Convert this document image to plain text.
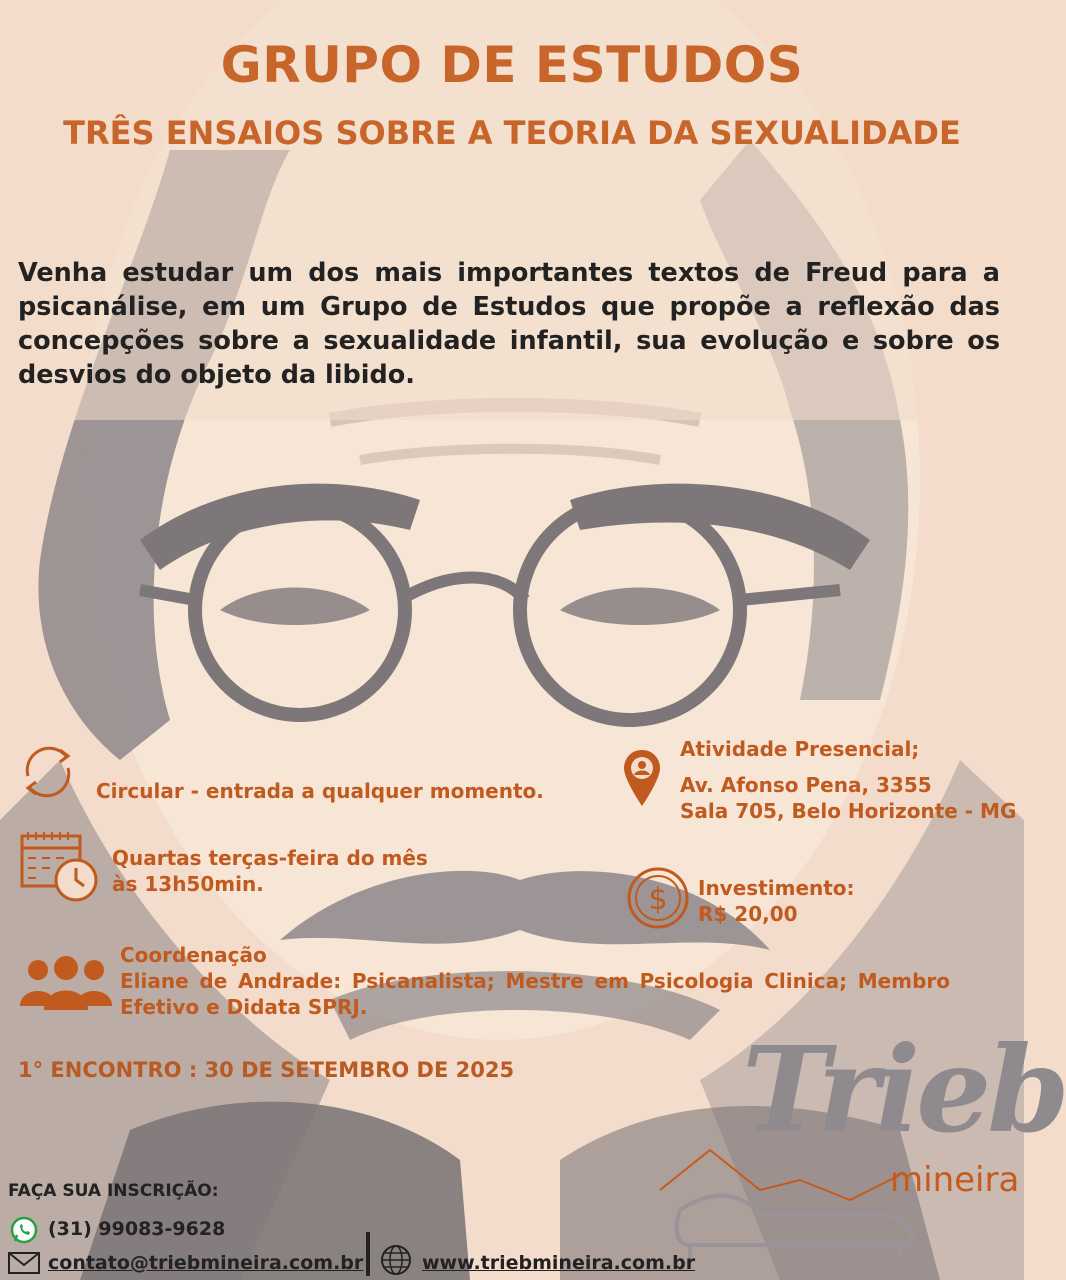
GRUPO DE ESTUDOS
TRÊS ENSAIOS SOBRE A TEORIA DA SEXUALIDADE
Venha estudar um dos mais importantes textos de Freud para a psicanálise, em um Grupo de Estudos que propõe a reflexão das concepções sobre a sexualidade infantil, sua evolução e sobre os desvios do objeto da libido.
Circular - entrada a qualquer momento.
Quartas terças-feira do mês
às 13h50min.
Atividade Presencial;
Av. Afonso Pena, 3355
Sala 705, Belo Horizonte - MG
$ Investimento:
R$ 20,00
Coordenação
Eliane de Andrade: Psicanalista; Mestre em Psicologia Clinica; Membro Efetivo e Didata SPRJ.
1° ENCONTRO : 30 DE SETEMBRO DE 2025 Trieb
mineira
FAÇA SUA INSCRIÇÃO:
(31) 99083-9628
contato@triebmineira.com.br	www.triebmineira.com.br
